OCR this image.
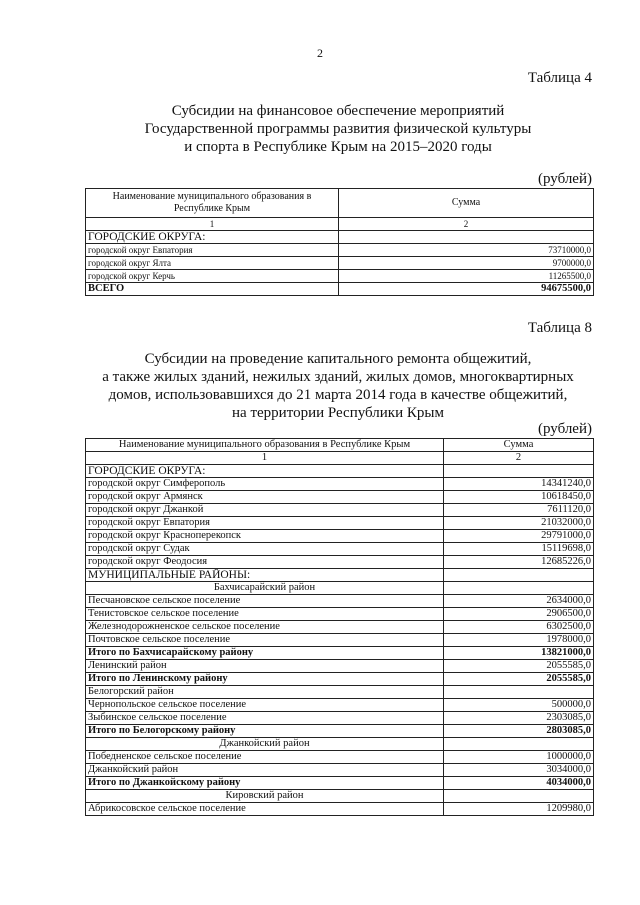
2
Таблица 4
Субсидии на финансовое обеспечение мероприятий
Государственной программы развития физической культуры
и спорта в Республике Крым на 2015–2020 годы
(рублей)
Наименование муниципального образования в Республике Крым	Сумма
1	2
ГОРОДСКИЕ ОКРУГА:	
городской округ Евпатория	73710000,0
городской округ Ялта	9700000,0
городской округ Керчь	11265500,0
ВСЕГО	94675500,0
Таблица 8
Субсидии на проведение капитального ремонта общежитий,
а также жилых зданий, нежилых зданий, жилых домов, многоквартирных
домов, использовавшихся до 21 марта 2014 года в качестве общежитий,
на территории Республики Крым
(рублей)
Наименование муниципального образования в Республике Крым	Сумма
1	2
ГОРОДСКИЕ ОКРУГА:	
городской округ Симферополь	14341240,0
городской округ Армянск	10618450,0
городской округ Джанкой	7611120,0
городской округ Евпатория	21032000,0
городской округ Красноперекопск	29791000,0
городской округ Судак	15119698,0
городской округ Феодосия	12685226,0
МУНИЦИПАЛЬНЫЕ РАЙОНЫ:	
Бахчисарайский район	
Песчановское сельское поселение	2634000,0
Тенистовское сельское поселение	2906500,0
Железнодорожненское сельское поселение	6302500,0
Почтовское сельское поселение	1978000,0
Итого по Бахчисарайскому району	13821000,0
Ленинский район	2055585,0
Итого по Ленинскому району	2055585,0
Белогорский район	
Чернопольское сельское поселение	500000,0
Зыбинское сельское поселение	2303085,0
Итого по Белогорскому району	2803085,0
Джанкойский район	
Победненское сельское поселение	1000000,0
Джанкойский район	3034000,0
Итого по Джанкойскому району	4034000,0
Кировский район	
Абрикосовское сельское поселение	1209980,0
